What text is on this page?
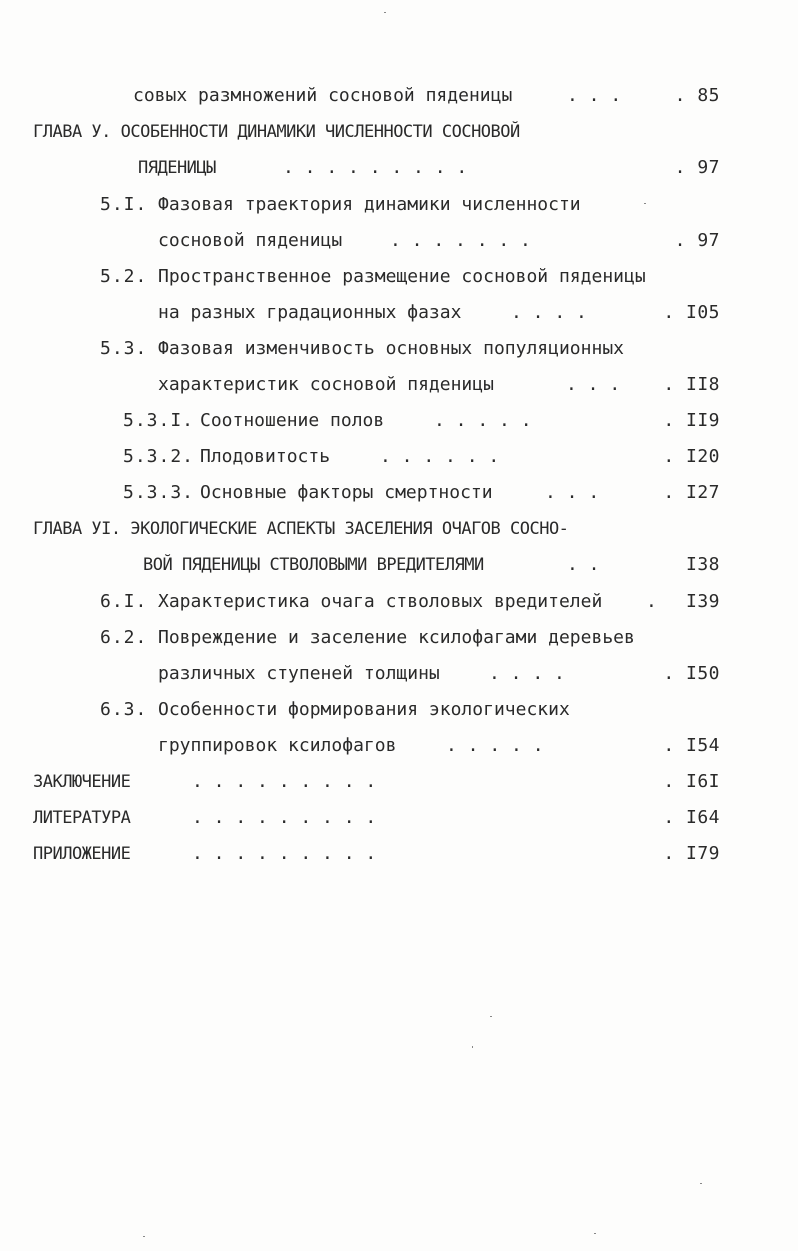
совых размножений сосновой пяденицы	. . .	. 85
ГЛАВА У. ОСОБЕННОСТИ ДИНАМИКИ ЧИСЛЕННОСТИ СОСНОВОЙ
ПЯДЕНИЦЫ	. . . . . . . . .	. 97
5.I. Фазовая траектория динамики численности
сосновой пяденицы	. . . . . . .	. 97
5.2. Пространственное размещение сосновой пяденицы
на разных градационных фазах	. . . .	. I05
5.3. Фазовая изменчивость основных популяционных
характеристик сосновой пяденицы	. . . . II8
5.3.I. Соотношение полов	. . . . .	. II9
5.3.2. Плодовитость	. . . . . .	. I20
5.3.3. Основные факторы смертности	. . .	. I27
ГЛАВА УI. ЭКОЛОГИЧЕСКИЕ АСПЕКТЫ ЗАСЕЛЕНИЯ ОЧАГОВ СОСНО-
ВОЙ ПЯДЕНИЦЫ СТВОЛОВЫМИ ВРЕДИТЕЛЯМИ	. .	I38
6.I. Характеристика очага стволовых вредителей . I39
6.2. Повреждение и заселение ксилофагами деревьев
различных ступеней толщины	. . . .	. I50
6.3. Особенности формирования экологических
группировок ксилофагов	. . . . .	. I54
ЗАКЛЮЧЕНИЕ	. . . . . . . . .	. I6I
ЛИТЕРАТУРА	. . . . . . . . .	. I64
ПРИЛОЖЕНИЕ	. . . . . . . . .	. I79
